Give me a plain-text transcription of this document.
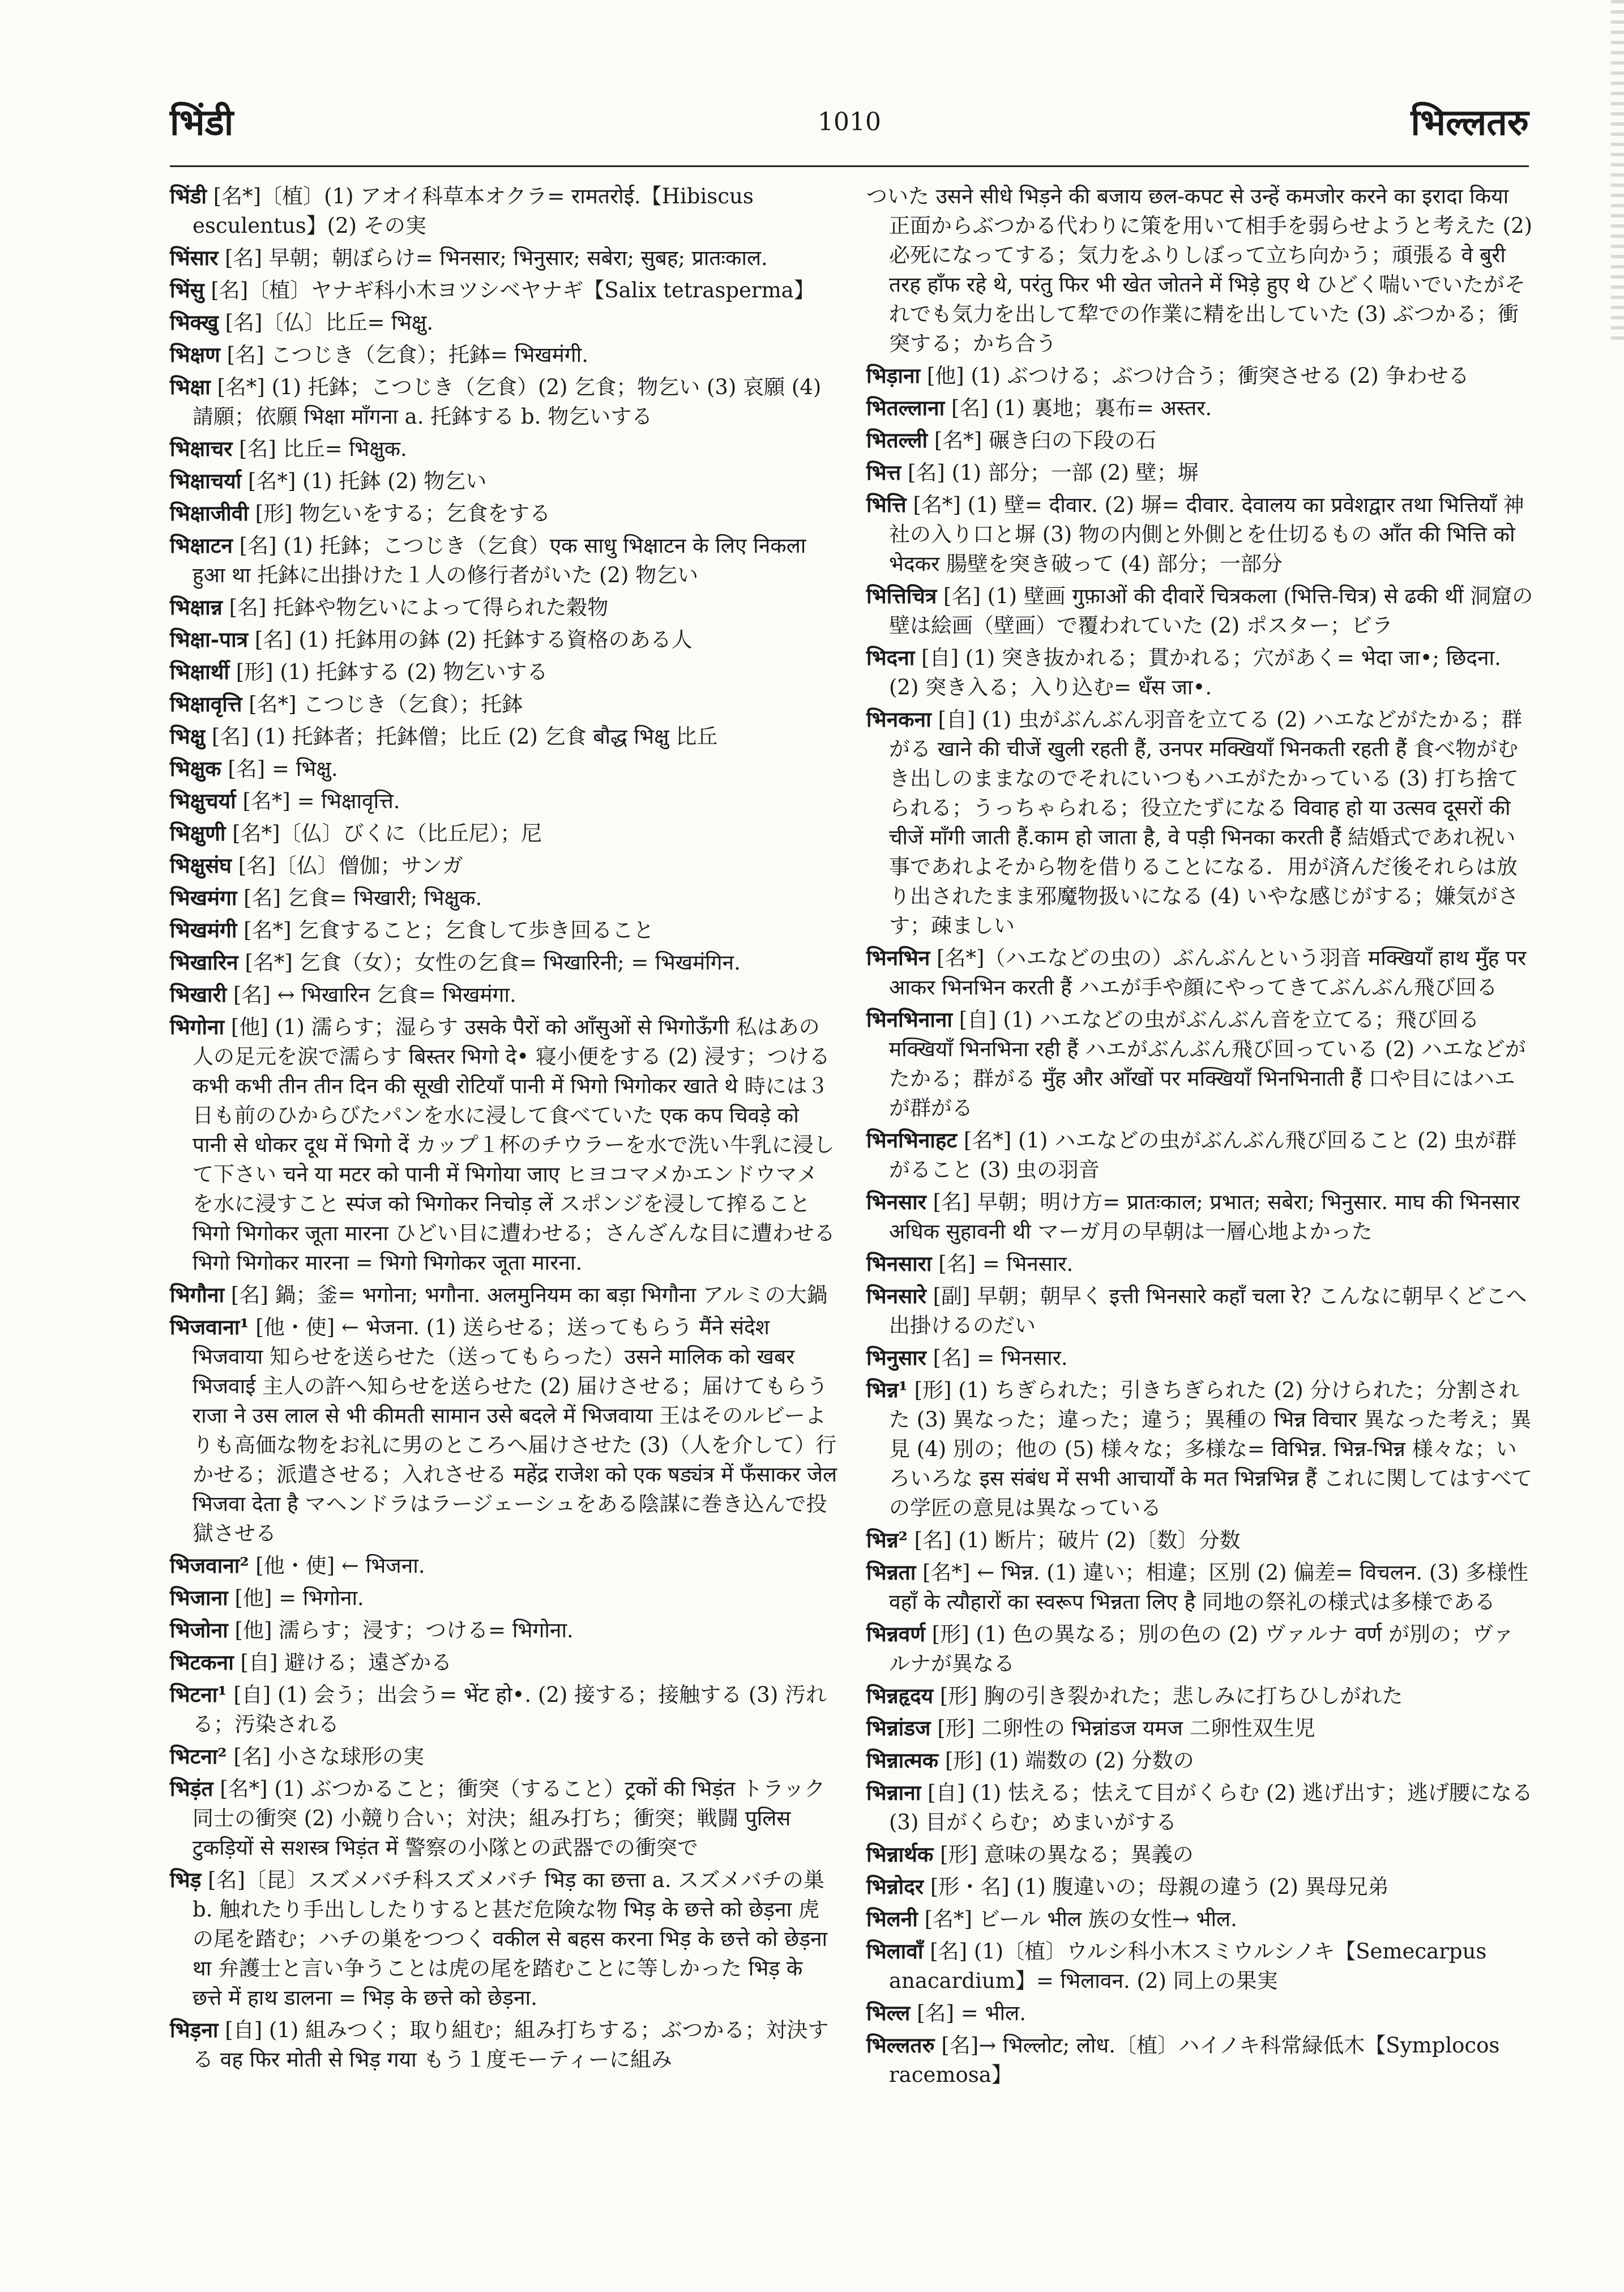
भिंडी	1010	भिल्लतरु

भिंडी [名*]〔植〕(1) アオイ科草本オクラ= रामतरोई.【Hibiscus esculentus】(2) その実

भिंसार [名] 早朝；朝ぼらけ= भिनसार; भिनुसार; सबेरा; सुबह; प्रातःकाल.

भिंसु [名]〔植〕ヤナギ科小木ヨツシベヤナギ【Salix tetrasperma】

भिक्खु [名]〔仏〕比丘= भिक्षु.

भिक्षण [名] こつじき（乞食）；托鉢= भिखमंगी.

भिक्षा [名*] (1) 托鉢；こつじき（乞食）(2) 乞食；物乞い (3) 哀願 (4) 請願；依願 भिक्षा माँगना a. 托鉢する b. 物乞いする

भिक्षाचर [名] 比丘= भिक्षुक.

भिक्षाचर्या [名*] (1) 托鉢 (2) 物乞い

भिक्षाजीवी [形] 物乞いをする；乞食をする

भिक्षाटन [名] (1) 托鉢；こつじき（乞食）एक साधु भिक्षाटन के लिए निकला हुआ था 托鉢に出掛けた１人の修行者がいた (2) 物乞い

भिक्षान्न [名] 托鉢や物乞いによって得られた穀物

भिक्षा-पात्र [名] (1) 托鉢用の鉢 (2) 托鉢する資格のある人

भिक्षार्थी [形] (1) 托鉢する (2) 物乞いする

भिक्षावृत्ति [名*] こつじき（乞食）；托鉢

भिक्षु [名] (1) 托鉢者；托鉢僧；比丘 (2) 乞食 बौद्ध भिक्षु 比丘

भिक्षुक [名] = भिक्षु.

भिक्षुचर्या [名*] = भिक्षावृत्ति.

भिक्षुणी [名*]〔仏〕びくに（比丘尼）；尼

भिक्षुसंघ [名]〔仏〕僧伽；サンガ

भिखमंगा [名] 乞食= भिखारी; भिक्षुक.

भिखमंगी [名*] 乞食すること；乞食して歩き回ること

भिखारिन [名*] 乞食（女）；女性の乞食= भिखारिनी; = भिखमंगिन.

भिखारी [名] ↔ भिखारिन 乞食= भिखमंगा.

भिगोना [他] (1) 濡らす；湿らす उसके पैरों को आँसुओं से भिगोऊँगी 私はあの人の足元を涙で濡らす बिस्तर भिगो दे• 寝小便をする (2) 浸す；つける कभी कभी तीन तीन दिन की सूखी रोटियाँ पानी में भिगो भिगोकर खाते थे 時には３日も前のひからびたパンを水に浸して食べていた एक कप चिवड़े को पानी से धोकर दूध में भिगो दें カップ１杯のチウラーを水で洗い牛乳に浸して下さい चने या मटर को पानी में भिगोया जाए ヒヨコマメかエンドウマメを水に浸すこと स्पंज को भिगोकर निचोड़ लें スポンジを浸して搾ること भिगो भिगोकर जूता मारना ひどい目に遭わせる；さんざんな目に遭わせる भिगो भिगोकर मारना = भिगो भिगोकर जूता मारना.

भिगौना [名] 鍋；釜= भगोना; भगौना. अलमुनियम का बड़ा भिगौना アルミの大鍋

भिजवाना¹ [他・使] ← भेजना. (1) 送らせる；送ってもらう मैंने संदेश भिजवाया 知らせを送らせた（送ってもらった）उसने मालिक को खबर भिजवाई 主人の許へ知らせを送らせた (2) 届けさせる；届けてもらう राजा ने उस लाल से भी कीमती सामान उसे बदले में भिजवाया 王はそのルビーよりも高価な物をお礼に男のところへ届けさせた (3)（人を介して）行かせる；派遣させる；入れさせる महेंद्र राजेश को एक षड्यंत्र में फँसाकर जेल भिजवा देता है マヘンドラはラージェーシュをある陰謀に巻き込んで投獄させる

भिजवाना² [他・使] ← भिजना.

भिजाना [他] = भिगोना.

भिजोना [他] 濡らす；浸す；つける= भिगोना.

भिटकना [自] 避ける；遠ざかる

भिटना¹ [自] (1) 会う；出会う= भेंट हो•. (2) 接する；接触する (3) 汚れる；汚染される

भिटना² [名] 小さな球形の実

भिड़ंत [名*] (1) ぶつかること；衝突（すること）ट्रकों की भिड़ंत トラック同士の衝突 (2) 小競り合い；対決；組み打ち；衝突；戦闘 पुलिस टुकड़ियों से सशस्त्र भिड़ंत में 警察の小隊との武器での衝突で

भिड़ [名]〔昆〕スズメバチ科スズメバチ भिड़ का छत्ता a. スズメバチの巣 b. 触れたり手出ししたりすると甚だ危険な物 भिड़ के छत्ते को छेड़ना 虎の尾を踏む；ハチの巣をつつく वकील से बहस करना भिड़ के छत्ते को छेड़ना था 弁護士と言い争うことは虎の尾を踏むことに等しかった भिड़ के छत्ते में हाथ डालना = भिड़ के छत्ते को छेड़ना.

भिड़ना [自] (1) 組みつく；取り組む；組み打ちする；ぶつかる；対決する वह फिर मोती से भिड़ गया もう１度モーティーに組み

ついた उसने सीधे भिड़ने की बजाय छल-कपट से उन्हें कमजोर करने का इरादा किया 正面からぶつかる代わりに策を用いて相手を弱らせようと考えた (2) 必死になってする；気力をふりしぼって立ち向かう；頑張る वे बुरी तरह हाँफ रहे थे, परंतु फिर भी खेत जोतने में भिड़े हुए थे ひどく喘いでいたがそれでも気力を出して犂での作業に精を出していた (3) ぶつかる；衝突する；かち合う

भिड़ाना [他] (1) ぶつける；ぶつけ合う；衝突させる (2) 争わせる

भितल्लाना [名] (1) 裏地；裏布= अस्तर.

भितल्ली [名*] 碾き臼の下段の石

भित्त [名] (1) 部分；一部 (2) 壁；塀

भित्ति [名*] (1) 壁= दीवार. (2) 塀= दीवार. देवालय का प्रवेशद्वार तथा भित्तियाँ 神社の入り口と塀 (3) 物の内側と外側とを仕切るもの आँत की भित्ति को भेदकर 腸壁を突き破って (4) 部分；一部分

भित्तिचित्र [名] (1) 壁画 गुफ़ाओं की दीवारें चित्रकला (भित्ति-चित्र) से ढकी थीं 洞窟の壁は絵画（壁画）で覆われていた (2) ポスター；ビラ

भिदना [自] (1) 突き抜かれる；貫かれる；穴があく= भेदा जा•; छिदना. (2) 突き入る；入り込む= धँस जा•.

भिनकना [自] (1) 虫がぶんぶん羽音を立てる (2) ハエなどがたかる；群がる खाने की चीजें खुली रहती हैं, उनपर मक्खियाँ भिनकती रहती हैं 食べ物がむき出しのままなのでそれにいつもハエがたかっている (3) 打ち捨てられる；うっちゃられる；役立たずになる विवाह हो या उत्सव दूसरों की चीजें माँगी जाती हैं.काम हो जाता है, वे पड़ी भिनका करती हैं 結婚式であれ祝い事であれよそから物を借りることになる．用が済んだ後それらは放り出されたまま邪魔物扱いになる (4) いやな感じがする；嫌気がさす；疎ましい

भिनभिन [名*]（ハエなどの虫の）ぶんぶんという羽音 मक्खियाँ हाथ मुँह पर आकर भिनभिन करती हैं ハエが手や顔にやってきてぶんぶん飛び回る

भिनभिनाना [自] (1) ハエなどの虫がぶんぶん音を立てる；飛び回る मक्खियाँ भिनभिना रही हैं ハエがぶんぶん飛び回っている (2) ハエなどがたかる；群がる मुँह और आँखों पर मक्खियाँ भिनभिनाती हैं 口や目にはハエが群がる

भिनभिनाहट [名*] (1) ハエなどの虫がぶんぶん飛び回ること (2) 虫が群がること (3) 虫の羽音

भिनसार [名] 早朝；明け方= प्रातःकाल; प्रभात; सबेरा; भिनुसार. माघ की भिनसार अधिक सुहावनी थी マーガ月の早朝は一層心地よかった

भिनसारा [名] = भिनसार.

भिनसारे [副] 早朝；朝早く इत्ती भिनसारे कहाँ चला रे? こんなに朝早くどこへ出掛けるのだい

भिनुसार [名] = भिनसार.

भिन्न¹ [形] (1) ちぎられた；引きちぎられた (2) 分けられた；分割された (3) 異なった；違った；違う；異種の भिन्न विचार 異なった考え；異見 (4) 別の；他の (5) 様々な；多様な= विभिन्न. भिन्न-भिन्न 様々な；いろいろな इस संबंध में सभी आचार्यों के मत भिन्नभिन्न हैं これに関してはすべての学匠の意見は異なっている

भिन्न² [名] (1) 断片；破片 (2)〔数〕分数

भिन्नता [名*] ← भिन्न. (1) 違い；相違；区別 (2) 偏差= विचलन. (3) 多様性 वहाँ के त्यौहारों का स्वरूप भिन्नता लिए है 同地の祭礼の様式は多様である

भिन्नवर्ण [形] (1) 色の異なる；別の色の (2) ヴァルナ वर्ण が別の；ヴァルナが異なる

भिन्नहृदय [形] 胸の引き裂かれた；悲しみに打ちひしがれた

भिन्नांडज [形] 二卵性の भिन्नांडज यमज 二卵性双生児

भिन्नात्मक [形] (1) 端数の (2) 分数の

भिन्नाना [自] (1) 怯える；怯えて目がくらむ (2) 逃げ出す；逃げ腰になる (3) 目がくらむ；めまいがする

भिन्नार्थक [形] 意味の異なる；異義の

भिन्नोदर [形・名] (1) 腹違いの；母親の違う (2) 異母兄弟

भिलनी [名*] ビール भील 族の女性→ भील.

भिलावाँ [名] (1)〔植〕ウルシ科小木スミウルシノキ【Semecarpus anacardium】= भिलावन. (2) 同上の果実

भिल्ल [名] = भील.

भिल्लतरु [名]→ भिल्लोट; लोध.〔植〕ハイノキ科常緑低木【Symplocos racemosa】
